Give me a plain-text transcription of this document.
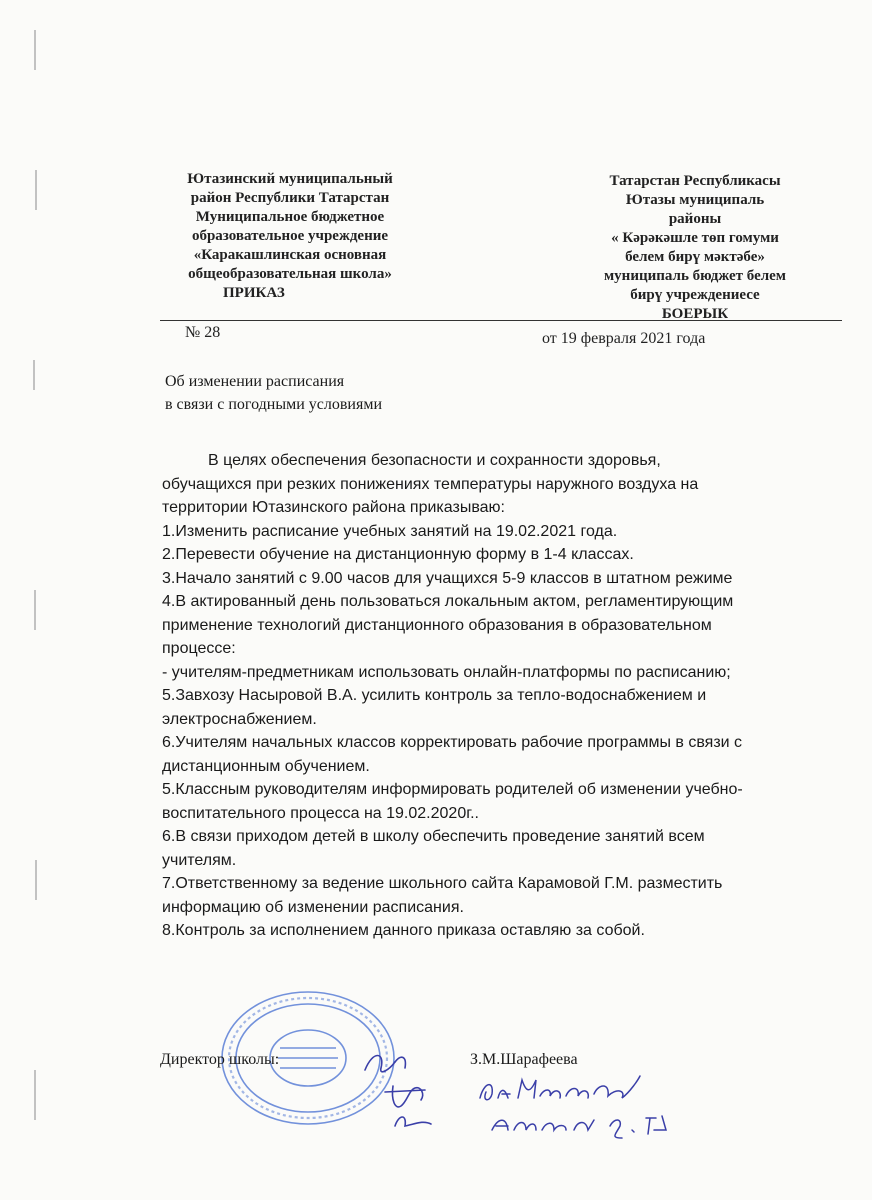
Ютазинский муниципальный
район Республики Татарстан
Муниципальное бюджетное
образовательное учреждение
«Каракашлинская основная
общеобразовательная школа»
ПРИКАЗ
Татарстан Республикасы
Ютазы муниципаль
районы
« Кәрәкәшле төп гомуми
белем бирү мәктәбе»
муниципаль бюджет белем
бирү учреждениесе
БОЕРЫК
№ 28	от 19 февраля 2021 года
Об изменении расписания
в связи с погодными условиями
В целях обеспечения безопасности и сохранности здоровья,
обучащихся при резких понижениях температуры наружного воздуха на
территории Ютазинского района приказываю:
1.Изменить расписание учебных занятий на 19.02.2021 года.
2.Перевести обучение на дистанционную форму в 1-4 классах.
3.Начало занятий с 9.00 часов для учащихся 5-9 классов в штатном режиме
4.В актированный день пользоваться локальным актом, регламентирующим
применение технологий дистанционного образования в образовательном
процессе:
- учителям-предметникам использовать онлайн-платформы по расписанию;
5.Завхозу Насыровой В.А. усилить контроль за тепло-водоснабжением и
электроснабжением.
6.Учителям начальных классов корректировать рабочие программы в связи с
дистанционным обучением.
5.Классным руководителям информировать родителей об изменении учебно-
воспитательного процесса на 19.02.2020г..
6.В связи приходом детей в школу обеспечить проведение занятий всем
учителям.
7.Ответственному за ведение школьного сайта Карамовой Г.М. разместить
информацию об изменении расписания.
8.Контроль за исполнением данного приказа оставляю за собой.
Директор школы:	З.М.Шарафеева
